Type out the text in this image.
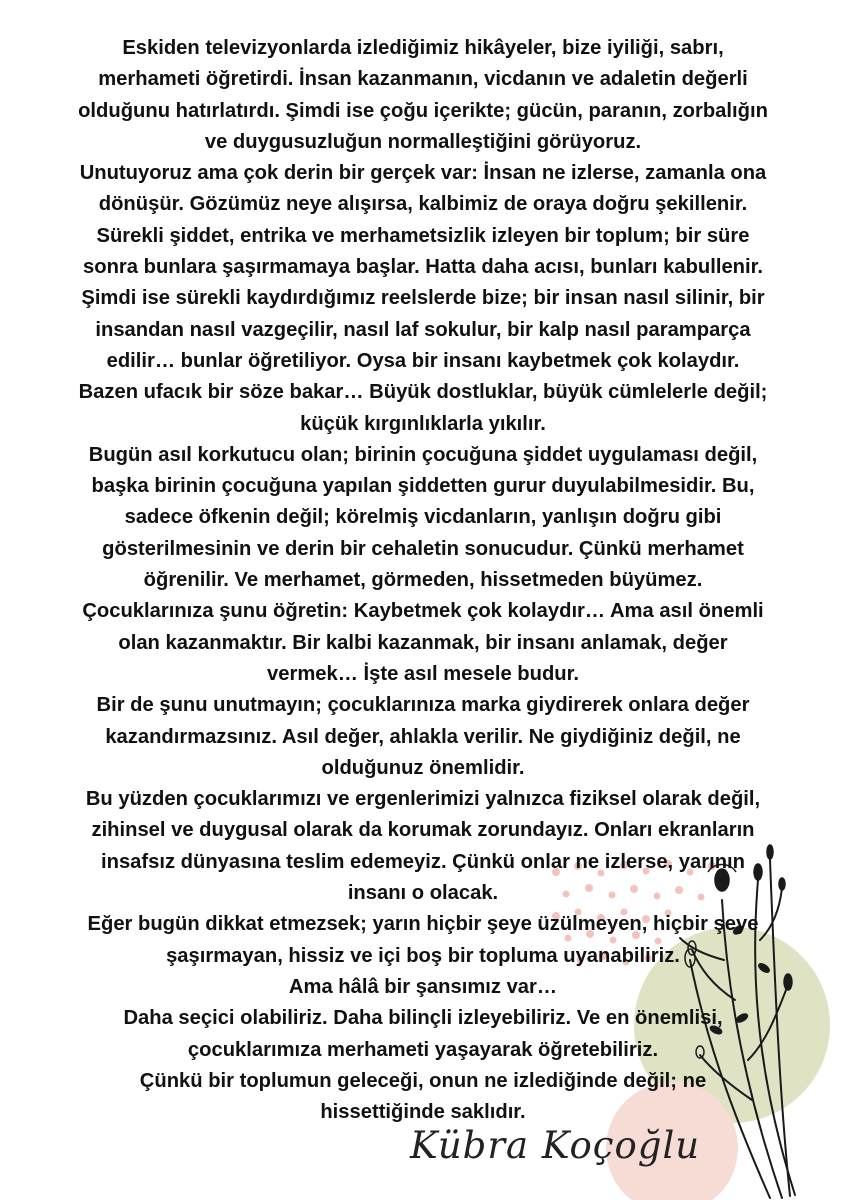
Eskiden televizyonlarda izlediğimiz hikâyeler, bize iyiliği, sabrı,

merhameti öğretirdi. İnsan kazanmanın, vicdanın ve adaletin değerli

olduğunu hatırlatırdı. Şimdi ise çoğu içerikte; gücün, paranın, zorbalığın

ve duygusuzluğun normalleştiğini görüyoruz.

Unutuyoruz ama çok derin bir gerçek var: İnsan ne izlerse, zamanla ona

dönüşür. Gözümüz neye alışırsa, kalbimiz de oraya doğru şekillenir.

Sürekli şiddet, entrika ve merhametsizlik izleyen bir toplum; bir süre

sonra bunlara şaşırmamaya başlar. Hatta daha acısı, bunları kabullenir.

Şimdi ise sürekli kaydırdığımız reelslerde bize; bir insan nasıl silinir, bir

insandan nasıl vazgeçilir, nasıl laf sokulur, bir kalp nasıl paramparça

edilir… bunlar öğretiliyor. Oysa bir insanı kaybetmek çok kolaydır.

Bazen ufacık bir söze bakar… Büyük dostluklar, büyük cümlelerle değil;

küçük kırgınlıklarla yıkılır.

Bugün asıl korkutucu olan; birinin çocuğuna şiddet uygulaması değil,

başka birinin çocuğuna yapılan şiddetten gurur duyulabilmesidir. Bu,

sadece öfkenin değil; körelmiş vicdanların, yanlışın doğru gibi

gösterilmesinin ve derin bir cehaletin sonucudur. Çünkü merhamet

öğrenilir. Ve merhamet, görmeden, hissetmeden büyümez.

Çocuklarınıza şunu öğretin: Kaybetmek çok kolaydır… Ama asıl önemli

olan kazanmaktır. Bir kalbi kazanmak, bir insanı anlamak, değer

vermek… İşte asıl mesele budur.

Bir de şunu unutmayın; çocuklarınıza marka giydirerek onlara değer

kazandırmazsınız. Asıl değer, ahlakla verilir. Ne giydiğiniz değil, ne

olduğunuz önemlidir.

Bu yüzden çocuklarımızı ve ergenlerimizi yalnızca fiziksel olarak değil,

zihinsel ve duygusal olarak da korumak zorundayız. Onları ekranların

insafsız dünyasına teslim edemeyiz. Çünkü onlar ne izlerse, yarının

insanı o olacak.

Eğer bugün dikkat etmezsek; yarın hiçbir şeye üzülmeyen, hiçbir şeye

şaşırmayan, hissiz ve içi boş bir topluma uyanabiliriz.

Ama hâlâ bir şansımız var…

Daha seçici olabiliriz. Daha bilinçli izleyebiliriz. Ve en önemlisi,

çocuklarımıza merhameti yaşayarak öğretebiliriz.

Çünkü bir toplumun geleceği, onun ne izlediğinde değil; ne

hissettiğinde saklıdır.

Kübra Koçoğlu
